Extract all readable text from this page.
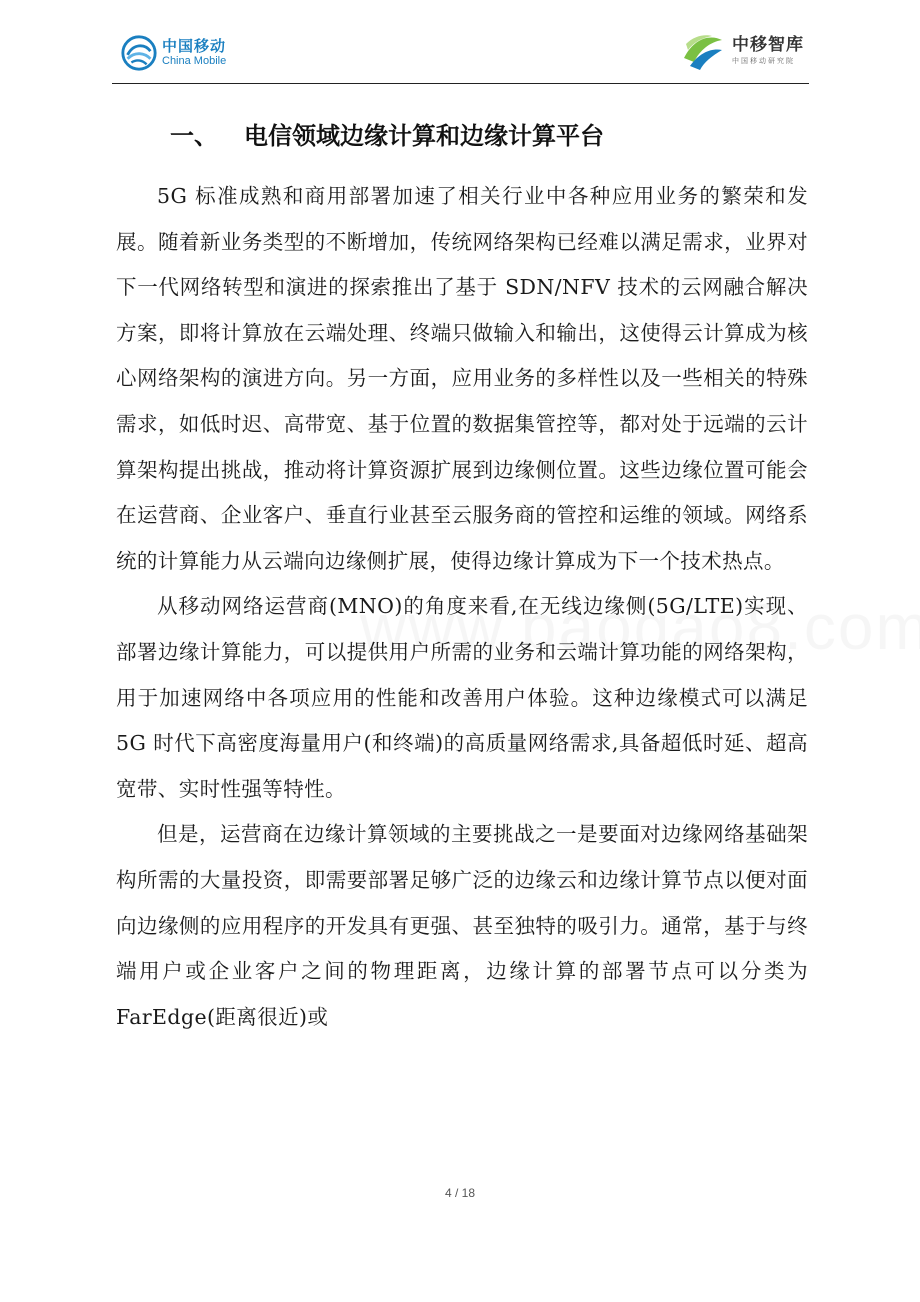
中国移动
China Mobile
中移智库
中国移动研究院
一、 电信领域边缘计算和边缘计算平台

5G 标准成熟和商用部署加速了相关行业中各种应用业务的繁荣和发展。随着新业务类型的不断增加，传统网络架构已经难以满足需求，业界对下一代网络转型和演进的探索推出了基于 SDN/NFV 技术的云网融合解决方案，即将计算放在云端处理、终端只做输入和输出，这使得云计算成为核心网络架构的演进方向。另一方面，应用业务的多样性以及一些相关的特殊需求，如低时迟、高带宽、基于位置的数据集管控等，都对处于远端的云计算架构提出挑战，推动将计算资源扩展到边缘侧位置。这些边缘位置可能会在运营商、企业客户、垂直行业甚至云服务商的管控和运维的领域。网络系统的计算能力从云端向边缘侧扩展，使得边缘计算成为下一个技术热点。

从移动网络运营商(MNO)的角度来看,在无线边缘侧(5G/LTE)实现、部署边缘计算能力，可以提供用户所需的业务和云端计算功能的网络架构，用于加速网络中各项应用的性能和改善用户体验。这种边缘模式可以满足 5G 时代下高密度海量用户(和终端)的高质量网络需求,具备超低时延、超高宽带、实时性强等特性。

但是，运营商在边缘计算领域的主要挑战之一是要面对边缘网络基础架构所需的大量投资，即需要部署足够广泛的边缘云和边缘计算节点以便对面向边缘侧的应用程序的开发具有更强、甚至独特的吸引力。通常，基于与终端用户或企业客户之间的物理距离，边缘计算的部署节点可以分类为 FarEdge(距离很近)或

4 / 18
